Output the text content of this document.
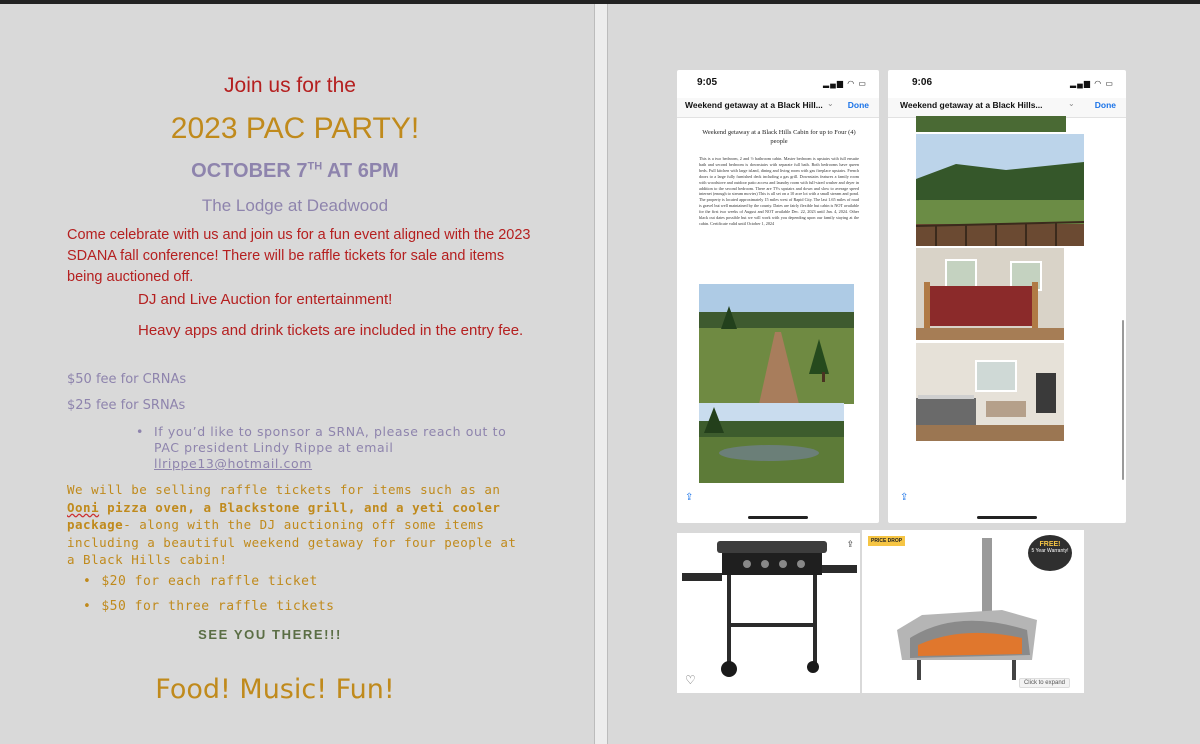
Join us for the
2023 PAC PARTY!
OCTOBER 7TH AT 6PM
The Lodge at Deadwood
Come celebrate with us and join us for a fun event aligned with the 2023 SDANA fall conference! There will be raffle tickets for sale and items being auctioned off.
DJ and Live Auction for entertainment!
Heavy apps and drink tickets are included in the entry fee.
$50 fee for CRNAs
$25 fee for SRNAs
• If you’d like to sponsor a SRNA, please reach out to PAC president Lindy Rippe at email
llrippe13@hotmail.com
We will be selling raffle tickets for items such as an Ooni pizza oven, a Blackstone grill, and a yeti cooler package- along with the DJ auctioning off some items including a beautiful weekend getaway for four people at a Black Hills cabin!
• $20 for each raffle ticket
• $50 for three raffle tickets
SEE YOU THERE!!!
Food! Music! Fun!
9:05	▂▄▆ ◠ ▭
Weekend getaway at a Black Hill... ⌄ Done
Weekend getaway at a Black Hills Cabin for up to Four (4) people
This is a two bedroom, 2 and ½ bathroom cabin. Master bedroom is upstairs with full ensuite bath and second bedroom is downstairs with separate full bath. Both bedrooms have queen beds. Full kitchen with large island, dining and living room with gas fireplace upstairs. French doors to a large fully furnished deck including a gas grill. Downstairs features a family room with woodstove and outdoor patio access and laundry room with full-sized washer and dryer in addition to the second bedroom. There are TVs upstairs and down and slow to average speed internet (enough to stream movies) This is all set on a 10 acre lot with a small stream and pond. The property is located approximately 15 miles west of Rapid City. The last 1.65 miles of road is gravel but well maintained by the county. Dates are fairly flexible but cabin is NOT available for the first two weeks of August and NOT available Dec. 22, 2023 until Jan. 4, 2024. Other black out dates possible but we will work with you depending upon our family staying at the cabin. Certificate valid until October 1, 2024
⇪
9:06	▂▄▆ ◠ ▭
Weekend getaway at a Black Hills...	⌄ Done
⇪
⇪
♡
PRICE DROP	FREE!
5 Year Warranty!
Click to expand
